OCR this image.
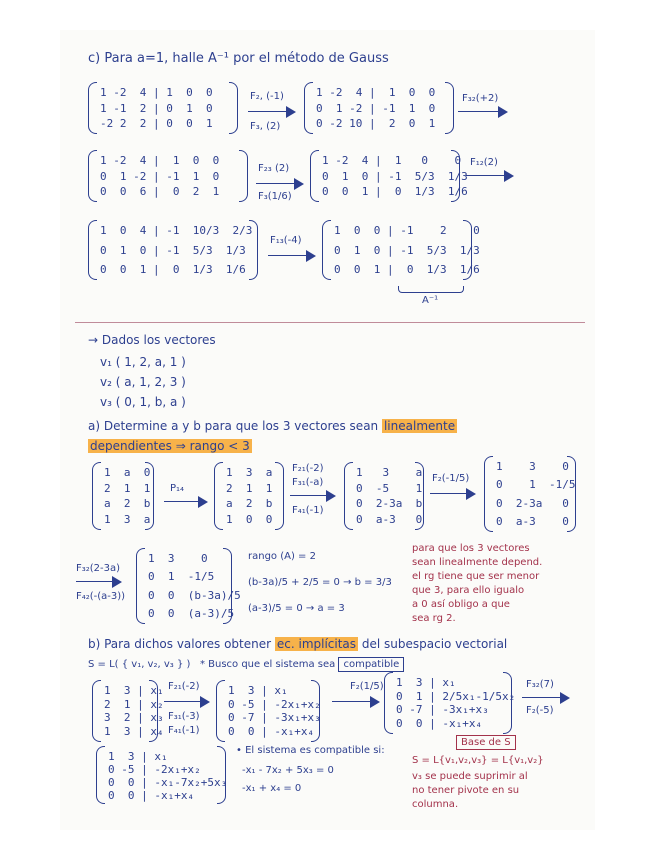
c) Para a=1, halle A⁻¹ por el método de Gauss
1 -2  4 | 1  0  0
1 -1  2 | 0  1  0
-2 2  2 | 0  0  1
F₂, (-1)
F₃, (2)
1 -2  4 |  1  0  0
0  1 -2 | -1  1  0
0 -2 10 |  2  0  1
F₃₂(+2)
1 -2  4 |  1  0  0
0  1 -2 | -1  1  0
0  0  6 |  0  2  1
F₂₃ (2)
F₃(1/6)
1 -2  4 |  1   0    0
0  1  0 | -1  5/3  1/3
0  0  1 |  0  1/3  1/6
F₁₂(2)
1  0  4 | -1  10/3  2/3
0  1  0 | -1  5/3  1/3
0  0  1 |  0  1/3  1/6
F₁₃(-4)
1  0  0 | -1    2    0
0  1  0 | -1  5/3  1/3
0  0  1 |  0  1/3  1/6
A⁻¹
→ Dados los vectores
v₁ ( 1, 2, a, 1 )
v₂ ( a, 1, 2, 3 )
v₃ ( 0, 1, b, a )
a) Determine a y b para que los 3 vectores sean linealmente
dependientes ⇒ rango < 3
1  a  0
2  1  1
a  2  b
1  3  a
P₁₄
1  3  a
2  1  1
a  2  b
1  0  0
F₂₁(-2)
F₃₁(-a)
F₄₁(-1)
1   3    a
0  -5    1
0  2-3a  b
0  a-3   0
F₂(-1/5)
1    3    0
0    1  -1/5
0  2-3a   0
0  a-3    0
F₃₂(2-3a)
F₄₂(-(a-3))
1  3    0
0  1  -1/5
0  0  (b-3a)/5
0  0  (a-3)/5
rango (A) = 2
(b-3a)/5 + 2/5 = 0 → b = 3/3
(a-3)/5 = 0 → a = 3
para que los 3 vectores
sean linealmente depend.
el rg tiene que ser menor
que 3, para ello igualo
a 0 así obligo a que
sea rg 2.
b) Para dichos valores obtener ec. implícitas del subespacio vectorial
S = L( { v₁, v₂, v₃ } ) * Busco que el sistema sea compatible
1  3 | x₁
2  1 | x₂
3  2 | x₃
1  3 | x₄
F₂₁(-2)
F₃₁(-3)
F₄₁(-1)
1  3 | x₁
0 -5 | -2x₁+x₂
0 -7 | -3x₁+x₃
0  0 | -x₁+x₄
F₂(1/5) 1  3 | x₁
0  1 | 2/5x₁-1/5x₂
0 -7 | -3x₁+x₃
0  0 | -x₁+x₄
F₃₂(7)
F₂(-5)
1  3 | x₁
0 -5 | -2x₁+x₂
0  0 | -x₁-7x₂+5x₃
0  0 | -x₁+x₄
• El sistema es compatible si:
-x₁ - 7x₂ + 5x₃ = 0
-x₁ + x₄ = 0
Base de S
S = L{v₁,v₂,v₃} = L{v₁,v₂}
v₃ se puede suprimir al
no tener pivote en su
columna.
